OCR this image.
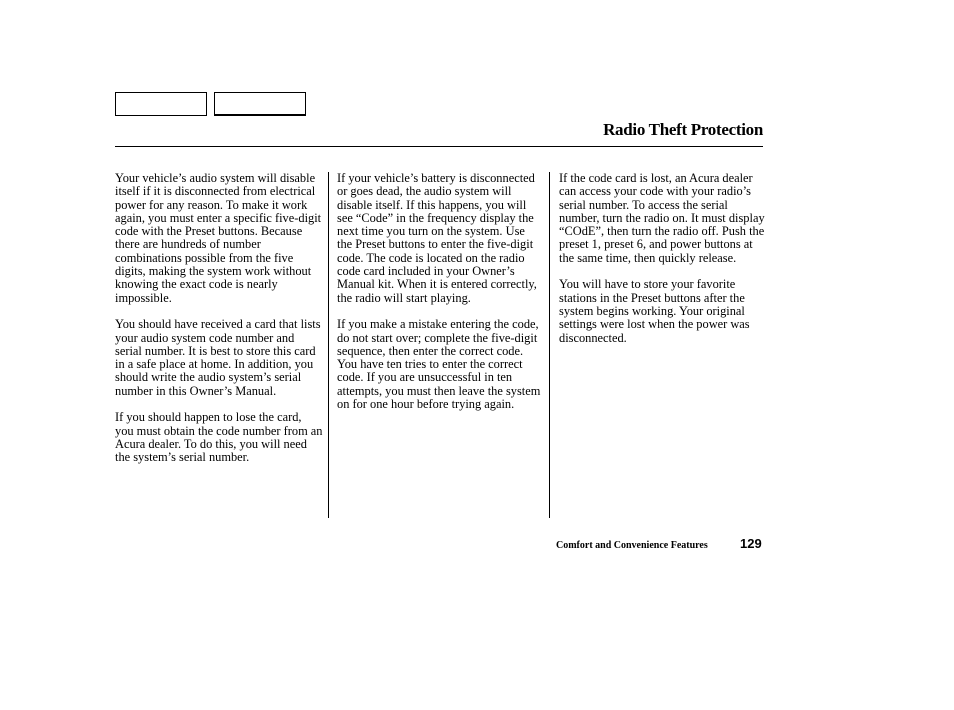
Radio Theft Protection

Your vehicle’s audio system will disable itself if it is disconnected from electrical power for any reason. To make it work again, you must enter a specific five-digit code with the Preset buttons. Because there are hundreds of number combinations possible from the five digits, making the system work without knowing the exact code is nearly impossible.

You should have received a card that lists your audio system code number and serial number. It is best to store this card in a safe place at home. In addition, you should write the audio system’s serial number in this Owner’s Manual.

If you should happen to lose the card, you must obtain the code number from an Acura dealer. To do this, you will need the system’s serial number.

If your vehicle’s battery is disconnected or goes dead, the audio system will disable itself. If this happens, you will see “Code” in the frequency display the next time you turn on the system. Use the Preset buttons to enter the five-digit code. The code is located on the radio code card included in your Owner’s Manual kit. When it is entered correctly, the radio will start playing.

If you make a mistake entering the code, do not start over; complete the five-digit sequence, then enter the correct code. You have ten tries to enter the correct code. If you are unsuccessful in ten attempts, you must then leave the system on for one hour before trying again.

If the code card is lost, an Acura dealer can access your code with your radio’s serial number. To access the serial number, turn the radio on. It must display “COdE”, then turn the radio off. Push the preset 1, preset 6, and power buttons at the same time, then quickly release.

You will have to store your favorite stations in the Preset buttons after the system begins working. Your original settings were lost when the power was disconnected.

Comfort and Convenience Features 129
